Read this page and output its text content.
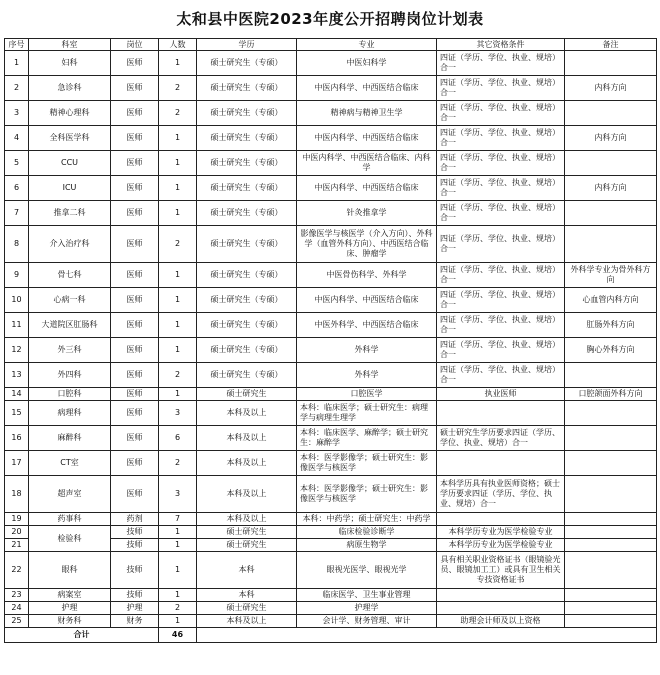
太和县中医院2023年度公开招聘岗位计划表
序号	科室	岗位	人数	学历	专业	其它资格条件	备注
1	妇科	医师	1	硕士研究生（专硕）	中医妇科学	四证（学历、学位、执业、规培）合一	
2	急诊科	医师	2	硕士研究生（专硕）	中医内科学、中西医结合临床	四证（学历、学位、执业、规培）合一	内科方向
3	精神心理科	医师	2	硕士研究生（专硕）	精神病与精神卫生学	四证（学历、学位、执业、规培）合一	
4	全科医学科	医师	1	硕士研究生（专硕）	中医内科学、中西医结合临床	四证（学历、学位、执业、规培）合一	内科方向
5	CCU	医师	1	硕士研究生（专硕）	中医内科学、中西医结合临床、内科学	四证（学历、学位、执业、规培）合一	
6	ICU	医师	1	硕士研究生（专硕）	中医内科学、中西医结合临床	四证（学历、学位、执业、规培）合一	内科方向
7	推拿二科	医师	1	硕士研究生（专硕）	针灸推拿学	四证（学历、学位、执业、规培）合一	
8	介入治疗科	医师	2	硕士研究生（专硕）	影像医学与核医学（介入方向）、外科学（血管外科方向）、中西医结合临床、肿瘤学	四证（学历、学位、执业、规培）合一	
9	骨七科	医师	1	硕士研究生（专硕）	中医骨伤科学、外科学	四证（学历、学位、执业、规培）合一	外科学专业为骨外科方向
10	心病一科	医师	1	硕士研究生（专硕）	中医内科学、中西医结合临床	四证（学历、学位、执业、规培）合一	心血管内科方向
11	大道院区肛肠科	医师	1	硕士研究生（专硕）	中医外科学、中西医结合临床	四证（学历、学位、执业、规培）合一	肛肠外科方向
12	外三科	医师	1	硕士研究生（专硕）	外科学	四证（学历、学位、执业、规培）合一	胸心外科方向
13	外四科	医师	2	硕士研究生（专硕）	外科学	四证（学历、学位、执业、规培）合一	
14	口腔科	医师	1	硕士研究生	口腔医学	执业医师	口腔颌面外科方向
15	病理科	医师	3	本科及以上	本科：临床医学；硕士研究生：病理学与病理生理学		
16	麻醉科	医师	6	本科及以上	本科：临床医学、麻醉学；硕士研究生：麻醉学	硕士研究生学历要求四证（学历、学位、执业、规培）合一	
17	CT室	医师	2	本科及以上	本科：医学影像学；硕士研究生：影像医学与核医学		
18	超声室	医师	3	本科及以上	本科：医学影像学；硕士研究生：影像医学与核医学	本科学历具有执业医师资格；硕士学历要求四证（学历、学位、执业、规培）合一	
19	药事科	药剂	7	本科及以上	本科：中药学；硕士研究生：中药学		
20	检验科	技师	1	硕士研究生	临床检验诊断学	本科学历专业为医学检验专业	
21		技师	1	硕士研究生	病原生物学	本科学历专业为医学检验专业	
22	眼科	技师	1	本科	眼视光医学、眼视光学	具有相关职业资格证书（眼镜验光员、眼镜加工工）或具有卫生相关专技资格证书	
23	病案室	技师	1	本科	临床医学、卫生事业管理		
24	护理	护理	2	硕士研究生	护理学		
25	财务科	财务	1	本科及以上	会计学、财务管理、审计	助理会计师及以上资格	
合计			46				
